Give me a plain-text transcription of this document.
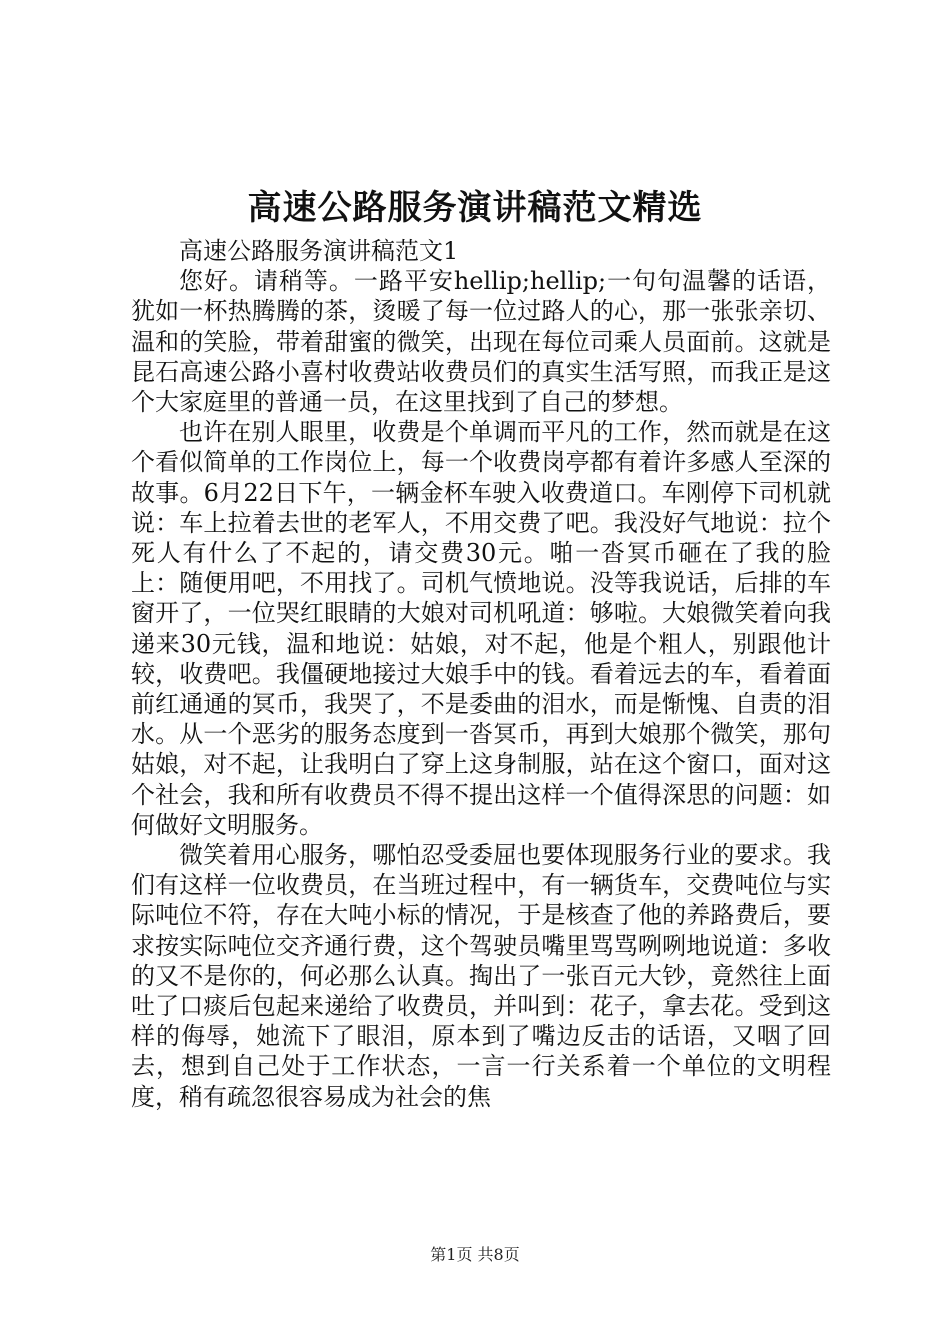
高速公路服务演讲稿范文精选

高速公路服务演讲稿范文1

您好。请稍等。一路平安hellip;hellip;一句句温馨的话语，犹如一杯热腾腾的茶，烫暖了每一位过路人的心，那一张张亲切、温和的笑脸，带着甜蜜的微笑，出现在每位司乘人员面前。这就是昆石高速公路小喜村收费站收费员们的真实生活写照，而我正是这个大家庭里的普通一员，在这里找到了自己的梦想。

也许在别人眼里，收费是个单调而平凡的工作，然而就是在这个看似简单的工作岗位上，每一个收费岗亭都有着许多感人至深的故事。6月22日下午，一辆金杯车驶入收费道口。车刚停下司机就说：车上拉着去世的老军人，不用交费了吧。我没好气地说：拉个死人有什么了不起的，请交费30元。啪一沓冥币砸在了我的脸上：随便用吧，不用找了。司机气愤地说。没等我说话，后排的车窗开了，一位哭红眼睛的大娘对司机吼道：够啦。大娘微笑着向我递来30元钱，温和地说：姑娘，对不起，他是个粗人，别跟他计较，收费吧。我僵硬地接过大娘手中的钱。看着远去的车，看着面前红通通的冥币，我哭了，不是委曲的泪水，而是惭愧、自责的泪水。从一个恶劣的服务态度到一沓冥币，再到大娘那个微笑，那句姑娘，对不起，让我明白了穿上这身制服，站在这个窗口，面对这个社会，我和所有收费员不得不提出这样一个值得深思的问题：如何做好文明服务。

微笑着用心服务，哪怕忍受委屈也要体现服务行业的要求。我们有这样一位收费员，在当班过程中，有一辆货车，交费吨位与实际吨位不符，存在大吨小标的情况，于是核查了他的养路费后，要求按实际吨位交齐通行费，这个驾驶员嘴里骂骂咧咧地说道：多收的又不是你的，何必那么认真。掏出了一张百元大钞，竟然往上面吐了口痰后包起来递给了收费员，并叫到：花子，拿去花。受到这样的侮辱，她流下了眼泪，原本到了嘴边反击的话语，又咽了回去，想到自己处于工作状态，一言一行关系着一个单位的文明程度，稍有疏忽很容易成为社会的焦

第1页 共8页
